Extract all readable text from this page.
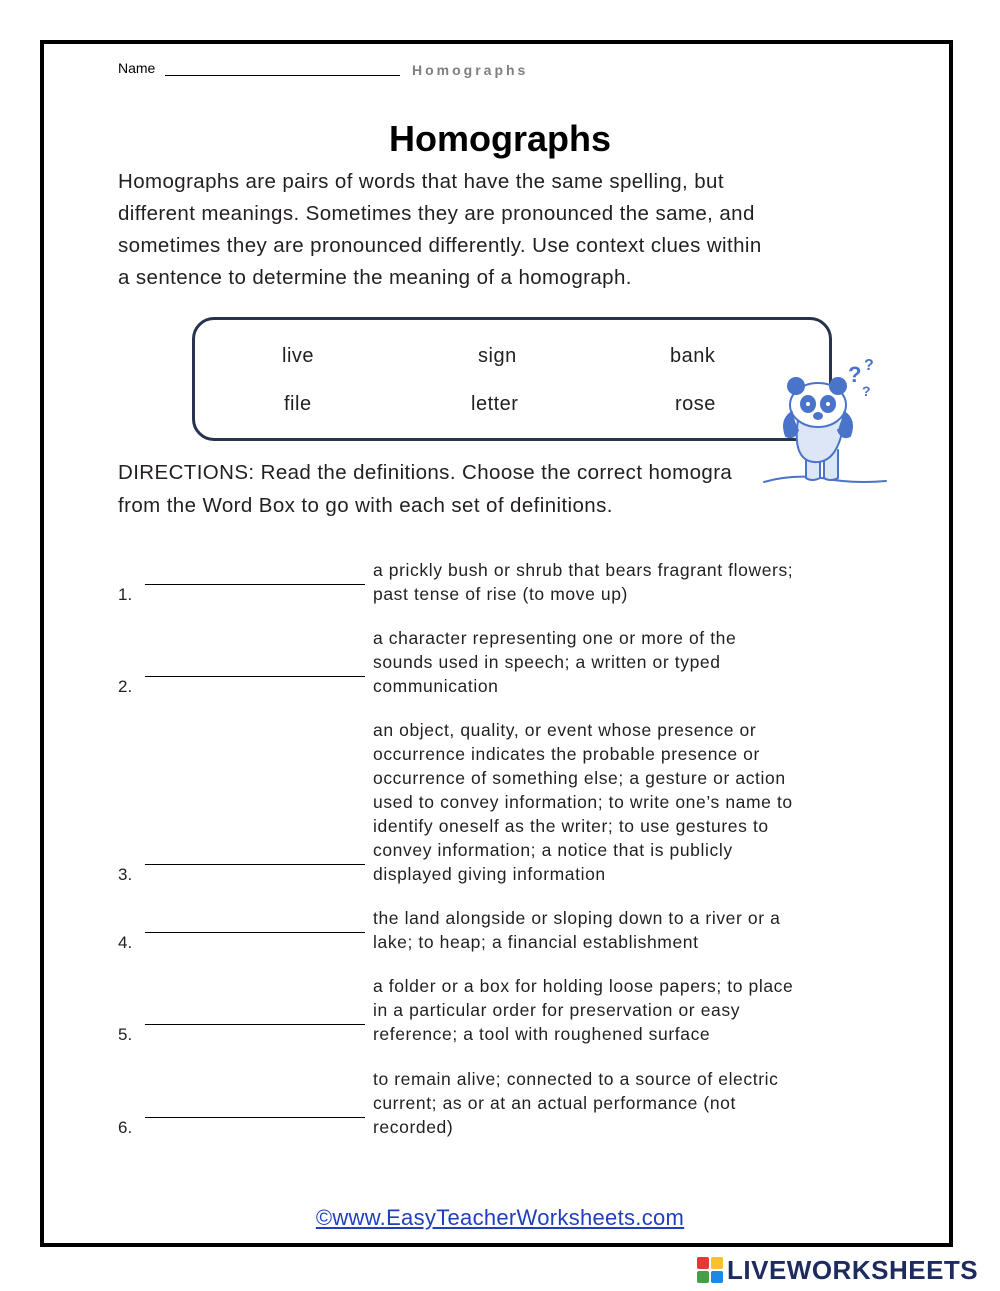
Name	Homographs
Homographs
Homographs are pairs of words that have the same spelling, but
different meanings. Sometimes they are pronounced the same, and
sometimes they are pronounced differently. Use context clues within
a sentence to determine the meaning of a homograph.
live	sign	bank
file	letter	rose
DIRECTIONS: Read the definitions. Choose the correct homogra
from the Word Box to go with each set of definitions.
? ?
?
1.
a prickly bush or shrub that bears fragrant flowers;
past tense of rise (to move up)
2.
a character representing one or more of the
sounds used in speech; a written or typed
communication
3.
an object, quality, or event whose presence or
occurrence indicates the probable presence or
occurrence of something else; a gesture or action
used to convey information; to write one’s name to
identify oneself as the writer; to use gestures to
convey information; a notice that is publicly
displayed giving information
4.
the land alongside or sloping down to a river or a
lake; to heap; a financial establishment
5.
a folder or a box for holding loose papers; to place
in a particular order for preservation or easy
reference; a tool with roughened surface
6.
to remain alive; connected to a source of electric
current; as or at an actual performance (not
recorded)
©www.EasyTeacherWorksheets.com
LIVEWORKSHEETS
